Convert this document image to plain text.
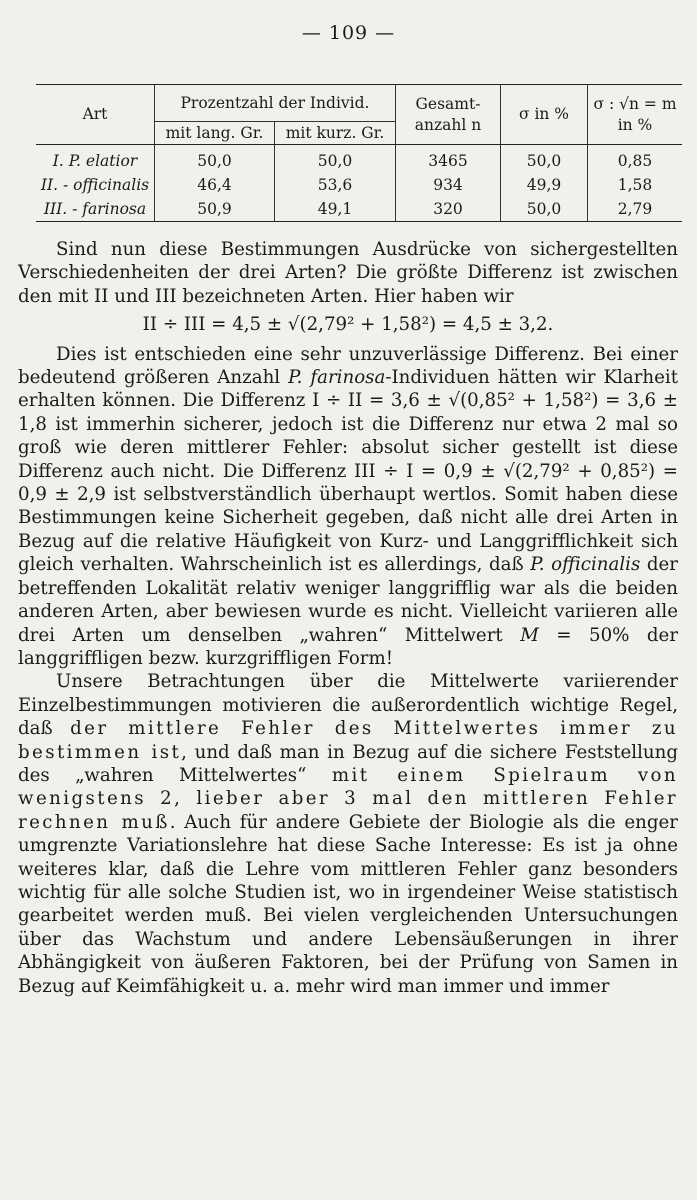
— 109 —
Art	Prozentzahl der Individ.		Gesamt-anzahl n	σ in %	σ : √n = m in %
	mit lang. Gr.	mit kurz. Gr.			
I. P. elatior	50,0	50,0	3465	50,0	0,85
II. - officinalis	46,4	53,6	934	49,9	1,58
III. - farinosa	50,9	49,1	320	50,0	2,79

Sind nun diese Bestimmungen Ausdrücke von sichergestellten Verschiedenheiten der drei Arten? Die größte Differenz ist zwischen den mit II und III bezeichneten Arten. Hier haben wir

II ÷ III = 4,5 ± √(2,79² + 1,58²) = 4,5 ± 3,2.

Dies ist entschieden eine sehr unzuverlässige Differenz. Bei einer bedeutend größeren Anzahl P. farinosa-Individuen hätten wir Klarheit erhalten können. Die Differenz I ÷ II = 3,6 ± √(0,85² + 1,58²) = 3,6 ± 1,8 ist immerhin sicherer, jedoch ist die Differenz nur etwa 2 mal so groß wie deren mittlerer Fehler: absolut sicher gestellt ist diese Differenz auch nicht. Die Differenz III ÷ I = 0,9 ± √(2,79² + 0,85²) = 0,9 ± 2,9 ist selbstverständlich überhaupt wertlos. Somit haben diese Bestimmungen keine Sicherheit gegeben, daß nicht alle drei Arten in Bezug auf die relative Häufigkeit von Kurz- und Langgrifflichkeit sich gleich verhalten. Wahrscheinlich ist es allerdings, daß P. officinalis der betreffenden Lokalität relativ weniger langgrifflig war als die beiden anderen Arten, aber bewiesen wurde es nicht. Vielleicht variieren alle drei Arten um denselben „wahren“ Mittelwert M = 50% der langgriffligen bezw. kurzgriffligen Form!

Unsere Betrachtungen über die Mittelwerte variierender Einzelbestimmungen motivieren die außerordentlich wichtige Regel, daß der mittlere Fehler des Mittelwertes immer zu bestimmen ist, und daß man in Bezug auf die sichere Feststellung des „wahren Mittelwertes“ mit einem Spielraum von wenigstens 2, lieber aber 3 mal den mittleren Fehler rechnen muß. Auch für andere Gebiete der Biologie als die enger umgrenzte Variationslehre hat diese Sache Interesse: Es ist ja ohne weiteres klar, daß die Lehre vom mittleren Fehler ganz besonders wichtig für alle solche Studien ist, wo in irgendeiner Weise statistisch gearbeitet werden muß. Bei vielen vergleichenden Untersuchungen über das Wachstum und andere Lebensäußerungen in ihrer Abhängigkeit von äußeren Faktoren, bei der Prüfung von Samen in Bezug auf Keimfähigkeit u. a. mehr wird man immer und immer
